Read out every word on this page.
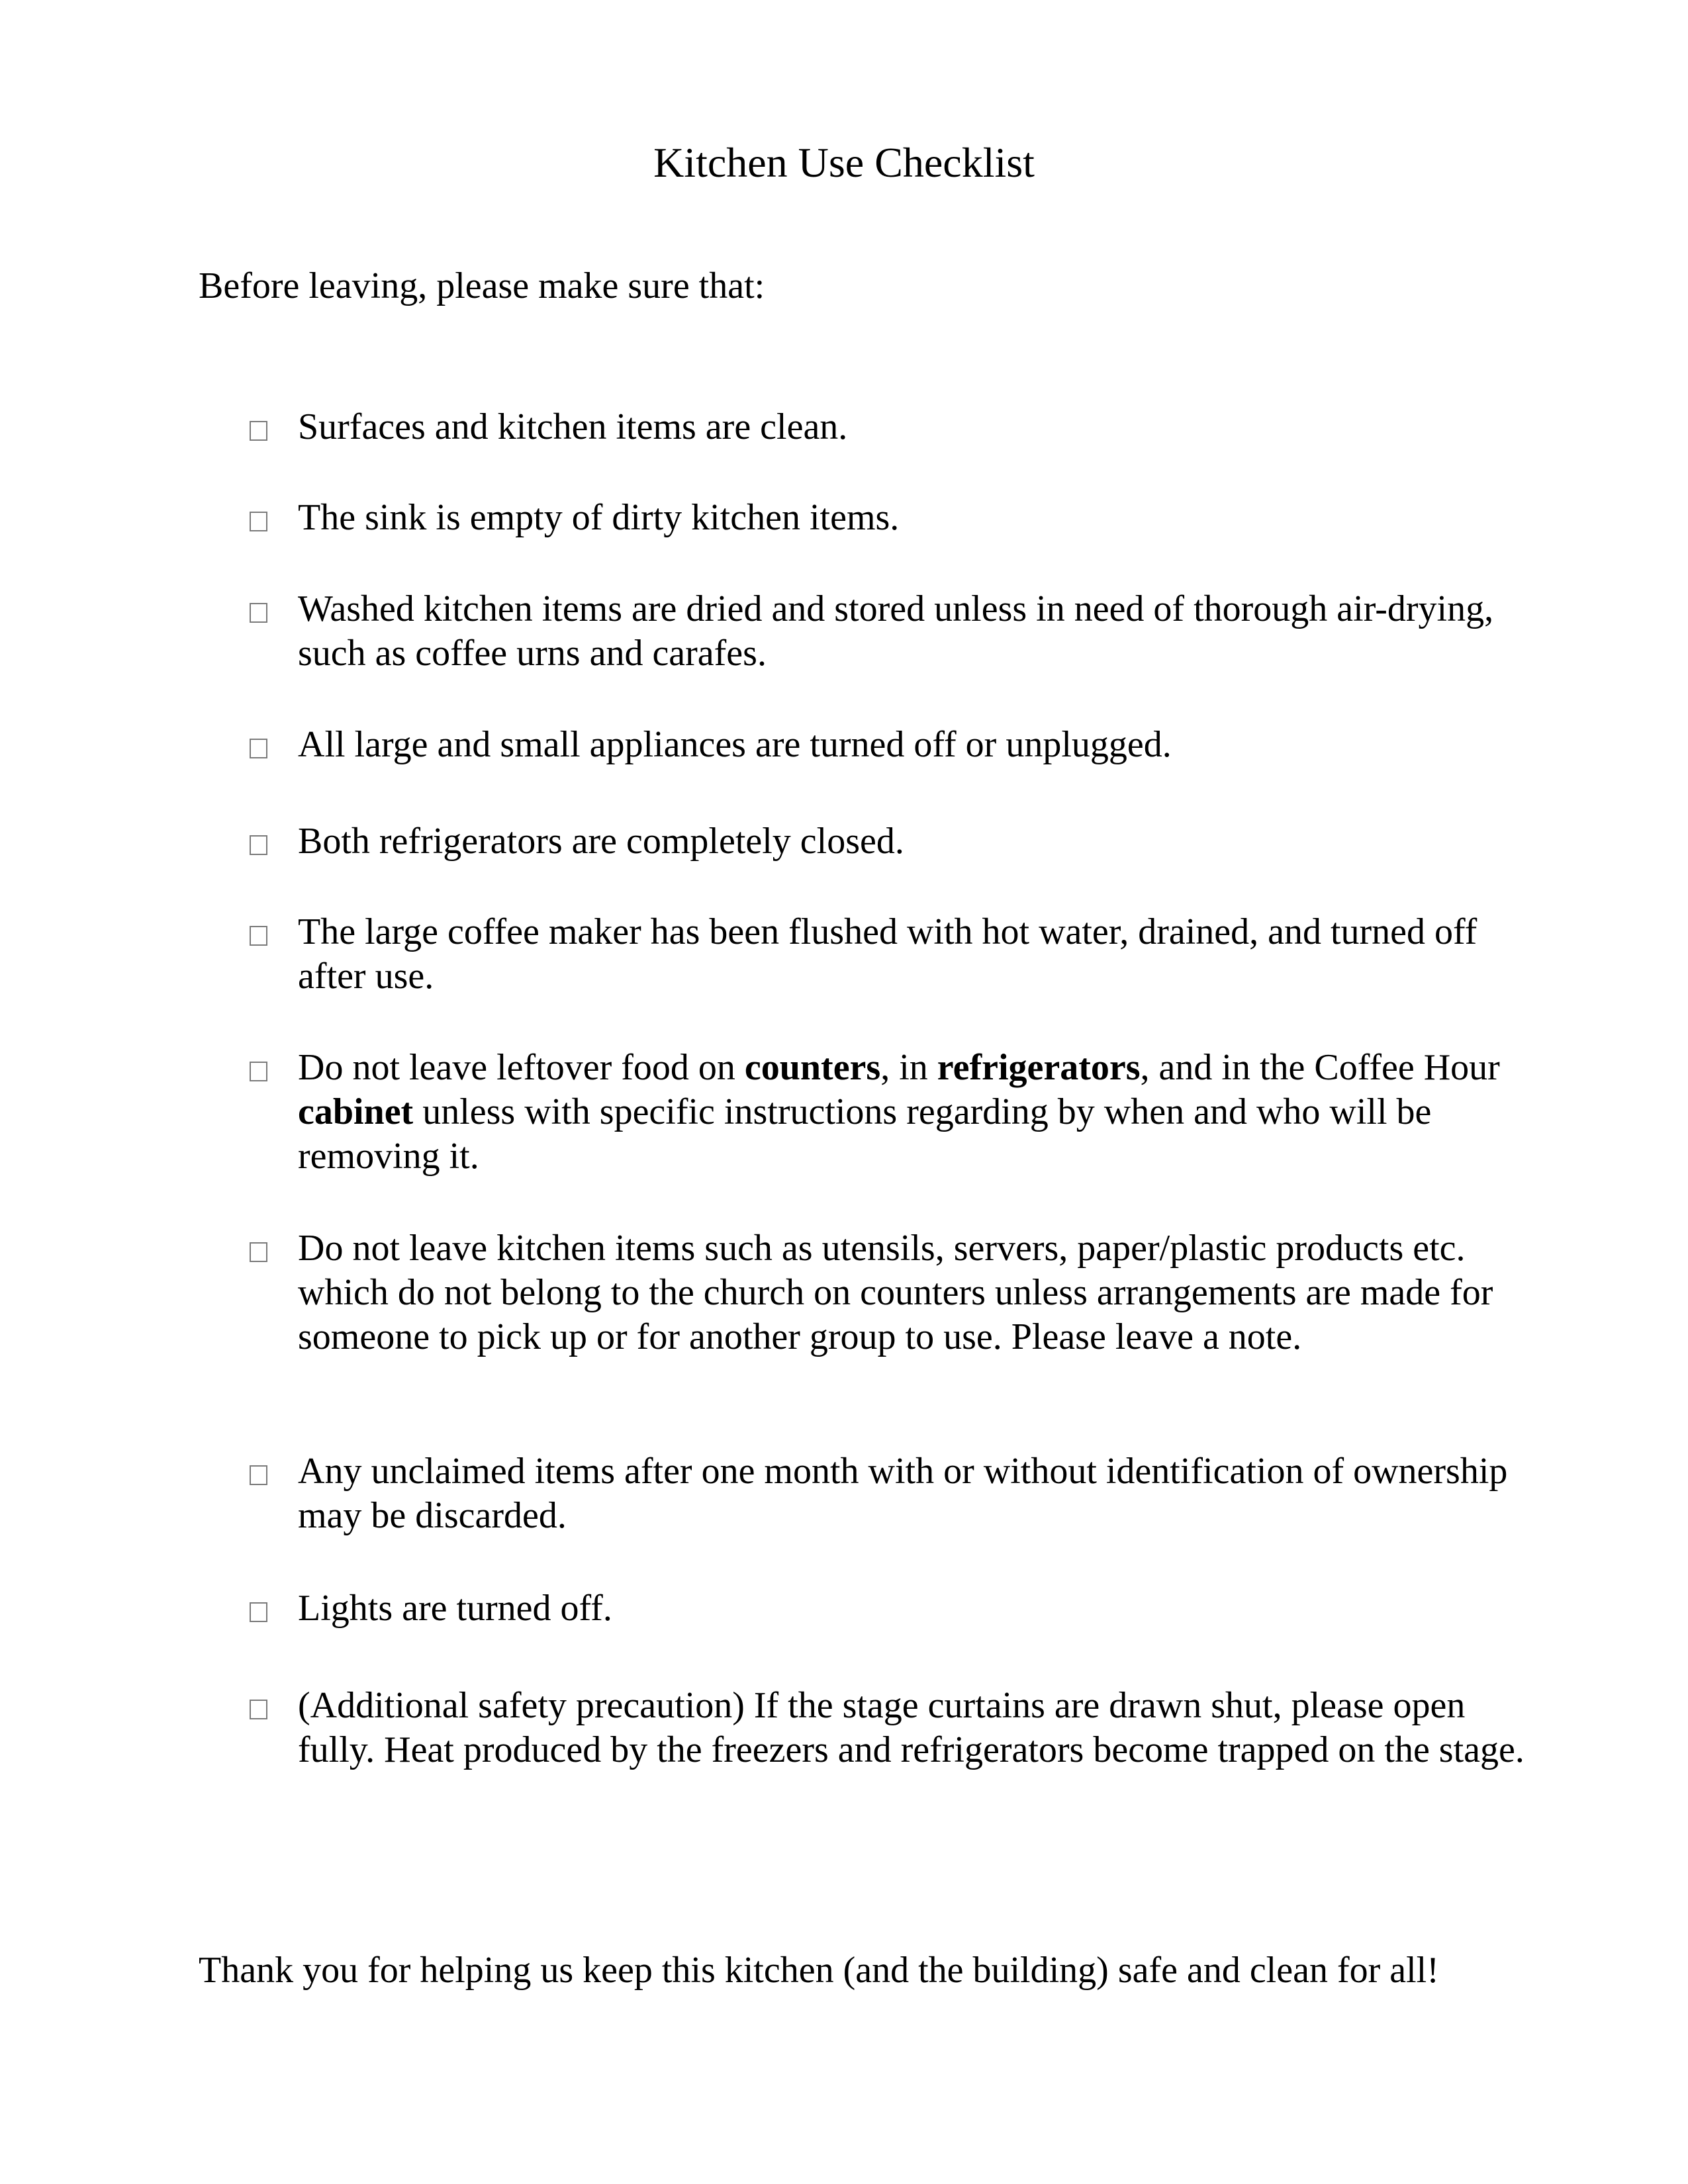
Kitchen Use Checklist
Before leaving, please make sure that:
Surfaces and kitchen items are clean.
The sink is empty of dirty kitchen items.
Washed kitchen items are dried and stored unless in need of thorough air-drying, such as coffee urns and carafes.
All large and small appliances are turned off or unplugged.
Both refrigerators are completely closed.
The large coffee maker has been flushed with hot water, drained, and turned off after use.
Do not leave leftover food on counters, in refrigerators, and in the Coffee Hour cabinet unless with specific instructions regarding by when and who will be removing it.
Do not leave kitchen items such as utensils, servers, paper/plastic products etc. which do not belong to the church on counters unless arrangements are made for someone to pick up or for another group to use. Please leave a note.
Any unclaimed items after one month with or without identification of ownership may be discarded.
Lights are turned off.
(Additional safety precaution) If the stage curtains are drawn shut, please open fully. Heat produced by the freezers and refrigerators become trapped on the stage.
Thank you for helping us keep this kitchen (and the building) safe and clean for all!
